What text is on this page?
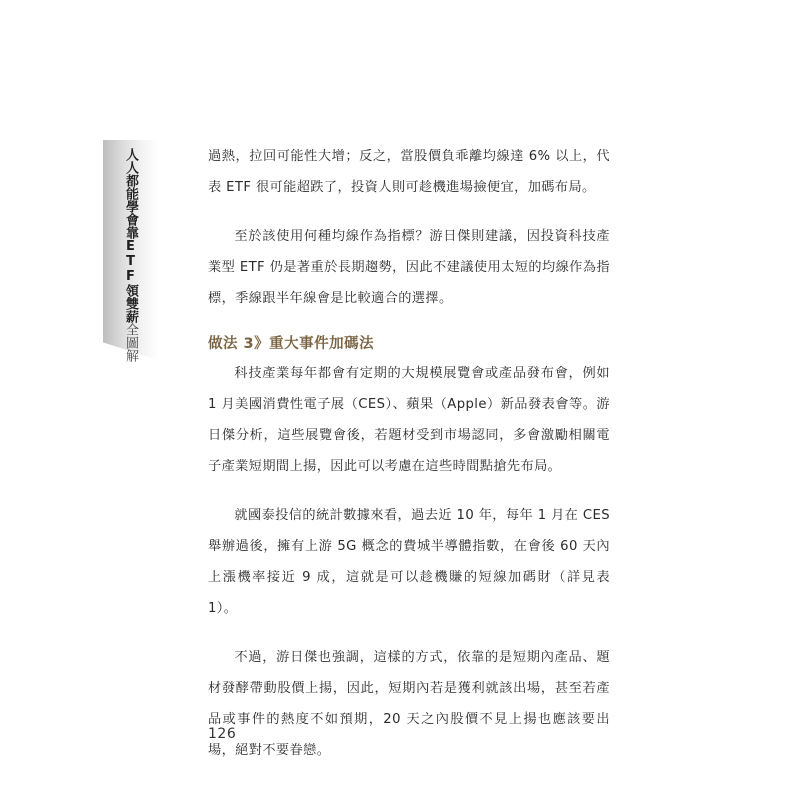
人人都能學會靠ETF領雙薪全圖解

過熱，拉回可能性大增；反之，當股價負乖離均線達 6% 以上，代表 ETF 很可能超跌了，投資人則可趁機進場撿便宜，加碼布局。

至於該使用何種均線作為指標？游日傑則建議，因投資科技產業型 ETF 仍是著重於長期趨勢，因此不建議使用太短的均線作為指標，季線跟半年線會是比較適合的選擇。

做法 3》重大事件加碼法

科技產業每年都會有定期的大規模展覽會或產品發布會，例如 1 月美國消費性電子展（CES）、蘋果（Apple）新品發表會等。游日傑分析，這些展覽會後，若題材受到市場認同，多會激勵相關電子產業短期間上揚，因此可以考慮在這些時間點搶先布局。

就國泰投信的統計數據來看，過去近 10 年，每年 1 月在 CES 舉辦過後，擁有上游 5G 概念的費城半導體指數，在會後 60 天內上漲機率接近 9 成，這就是可以趁機賺的短線加碼財（詳見表 1）。

不過，游日傑也強調，這樣的方式，依靠的是短期內產品、題材發酵帶動股價上揚，因此，短期內若是獲利就該出場，甚至若產品或事件的熱度不如預期，20 天之內股價不見上揚也應該要出場，絕對不要眷戀。

126
